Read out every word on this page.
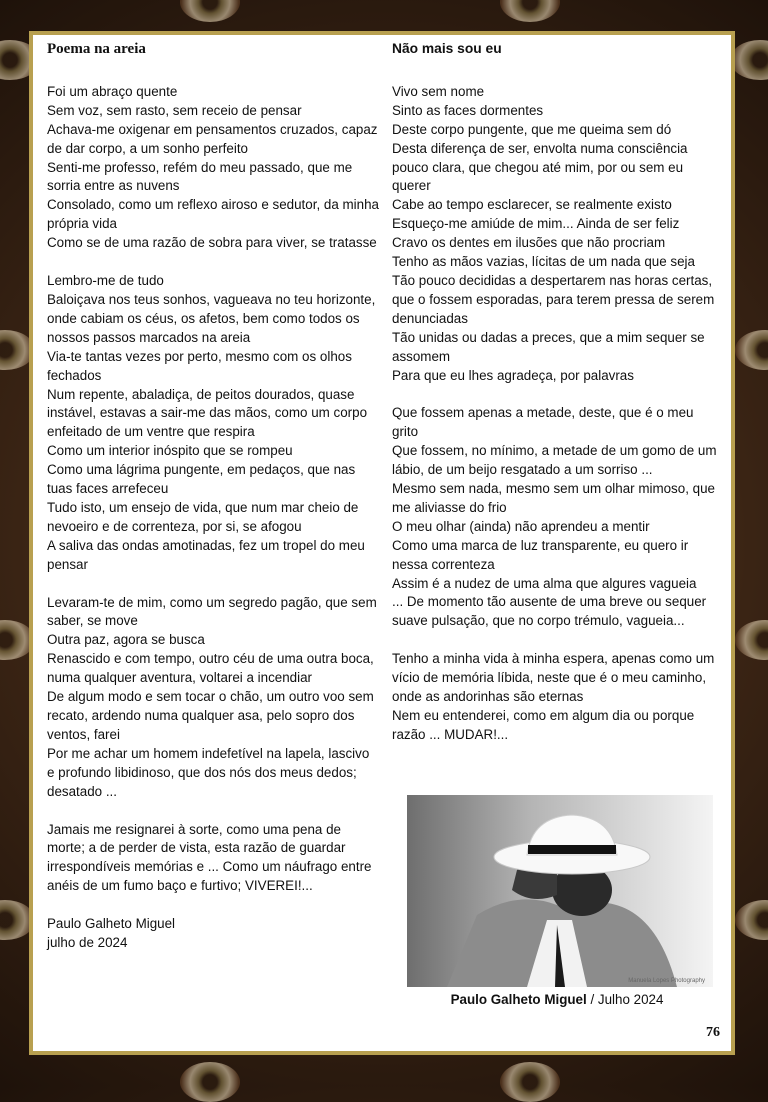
Poema na areia
Foi um abraço quente
Sem voz, sem rasto, sem receio de pensar
Achava-me oxigenar em pensamentos cruzados, capaz de dar corpo, a um sonho perfeito
Senti-me professo, refém do meu passado, que me sorria entre as nuvens
Consolado, como um reflexo airoso e sedutor, da minha própria vida
Como se de uma razão de sobra para viver, se tratasse
Lembro-me de tudo
Baloiçava nos teus sonhos, vagueava no teu horizonte, onde cabiam os céus, os afetos, bem como todos os nossos passos marcados na areia
Via-te tantas vezes por perto, mesmo com os olhos fechados
Num repente, abaladiça, de peitos dourados, quase instável, estavas a sair-me das mãos, como um corpo enfeitado de um ventre que respira
Como um interior inóspito que se rompeu
Como uma lágrima pungente, em pedaços, que nas tuas faces arrefeceu
Tudo isto, um ensejo de vida, que num mar cheio de nevoeiro e de correnteza, por si, se afogou
A saliva das ondas amotinadas, fez um tropel do meu pensar
Levaram-te de mim, como um segredo pagão, que sem saber, se move
Outra paz, agora se busca
Renascido e com tempo, outro céu de uma outra boca, numa qualquer aventura, voltarei a incendiar
De algum modo e sem tocar o chão, um outro voo sem recato, ardendo numa qualquer asa, pelo sopro dos ventos, farei
Por me achar um homem indefetível na lapela, lascivo e profundo libidinoso, que dos nós dos meus dedos; desatado ...
Jamais me resignarei à sorte, como uma pena de morte; a de perder de vista, esta razão de guardar irrespondíveis memórias e ... Como um náufrago entre anéis de um fumo baço e furtivo; VIVEREI!...
Paulo Galheto Miguel
julho de 2024
Não mais sou eu
Vivo sem nome
Sinto as faces dormentes
Deste corpo pungente, que me queima sem dó
Desta diferença de ser, envolta numa consciência pouco clara, que chegou até mim, por ou sem eu querer
Cabe ao tempo esclarecer, se realmente existo
Esqueço-me amiúde de mim... Ainda de ser feliz
Cravo os dentes em ilusões que não procriam
Tenho as mãos vazias, lícitas de um nada que seja
Tão pouco decididas a despertarem nas horas certas, que o fossem esporadas, para terem pressa de serem denunciadas
Tão unidas ou dadas a preces, que a mim sequer se assomem
Para que eu lhes agradeça, por palavras
Que fossem apenas a metade, deste, que é o meu grito
Que fossem, no mínimo, a metade de um gomo de um lábio, de um beijo resgatado a um sorriso ...
Mesmo sem nada, mesmo sem um olhar mimoso, que me aliviasse do frio
O meu olhar (ainda) não aprendeu a mentir
Como uma marca de luz transparente, eu quero ir nessa correnteza
Assim é a nudez de uma alma que algures vagueia
... De momento tão ausente de uma breve ou sequer suave pulsação, que no corpo trémulo, vagueia...
Tenho a minha vida à minha espera, apenas como um vício de memória líbida, neste que é o meu caminho, onde as andorinhas são eternas
Nem eu entenderei, como em algum dia ou porque razão ... MUDAR!...
Manuela Lopes Photography
Paulo Galheto Miguel / Julho 2024
76
